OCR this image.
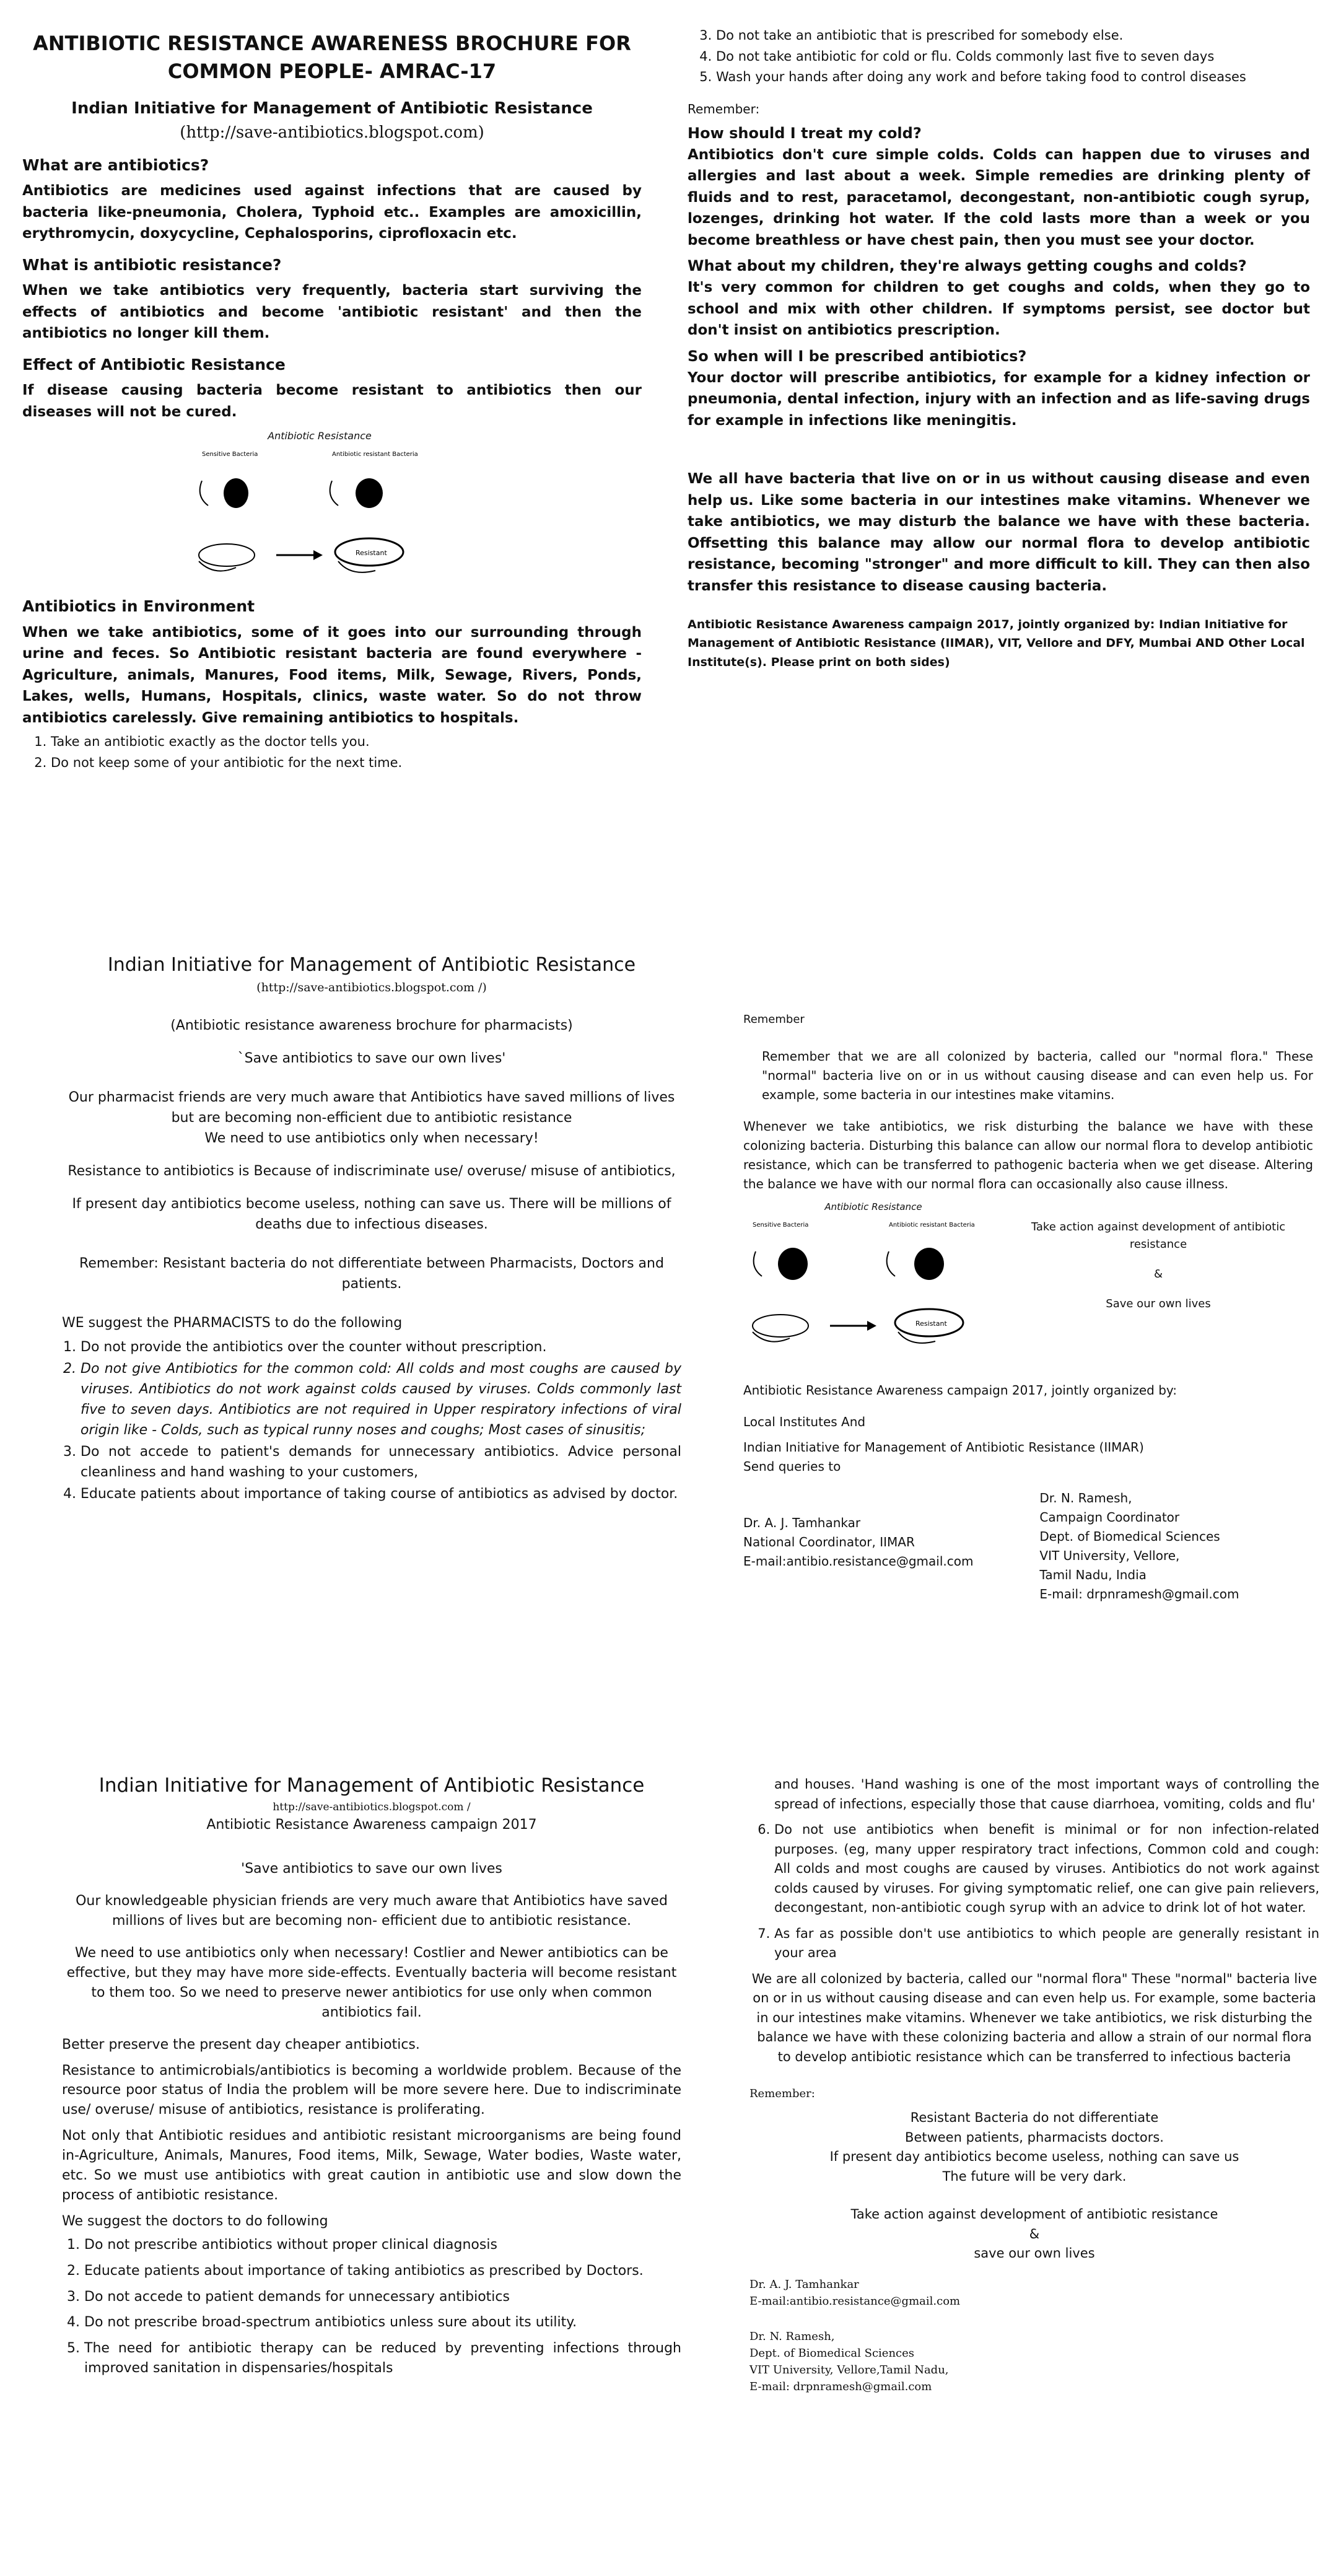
ANTIBIOTIC RESISTANCE AWARENESS BROCHURE FOR COMMON PEOPLE- AMRAC-17
Indian Initiative for Management of Antibiotic Resistance
(http://save-antibiotics.blogspot.com)
What are antibiotics?

Antibiotics are medicines used against infections that are caused by bacteria like-pneumonia, Cholera, Typhoid etc.. Examples are amoxicillin, erythromycin, doxycycline, Cephalosporins, ciprofloxacin etc.

What is antibiotic resistance?

When we take antibiotics very frequently, bacteria start surviving the effects of antibiotics and become 'antibiotic resistant' and then the antibiotics no longer kill them.

Effect of Antibiotic Resistance

If disease causing bacteria become resistant to antibiotics then our diseases will not be cured.

Antibiotic Resistance
Sensitive Bacteria	Antibiotic resistant Bacteria
Resistant
Antibiotics in Environment

When we take antibiotics, some of it goes into our surrounding through urine and feces. So Antibiotic resistant bacteria are found everywhere - Agriculture, animals, Manures, Food items, Milk, Sewage, Rivers, Ponds, Lakes, wells, Humans, Hospitals, clinics, waste water. So do not throw antibiotics carelessly. Give remaining antibiotics to hospitals.

1. Take an antibiotic exactly as the doctor tells you.
2. Do not keep some of your antibiotic for the next time.
3. Do not take an antibiotic that is prescribed for somebody else.
4. Do not take antibiotic for cold or flu. Colds commonly last five to seven days
5. Wash your hands after doing any work and before taking food to control diseases

Remember:

How should I treat my cold?

Antibiotics don't cure simple colds. Colds can happen due to viruses and allergies and last about a week. Simple remedies are drinking plenty of fluids and to rest, paracetamol, decongestant, non-antibiotic cough syrup, lozenges, drinking hot water. If the cold lasts more than a week or you become breathless or have chest pain, then you must see your doctor.

What about my children, they're always getting coughs and colds?

It's very common for children to get coughs and colds, when they go to school and mix with other children. If symptoms persist, see doctor but don't insist on antibiotics prescription.

So when will I be prescribed antibiotics?

Your doctor will prescribe antibiotics, for example for a kidney infection or pneumonia, dental infection, injury with an infection and as life-saving drugs for example in infections like meningitis.

We all have bacteria that live on or in us without causing disease and even help us. Like some bacteria in our intestines make vitamins. Whenever we take antibiotics, we may disturb the balance we have with these bacteria. Offsetting this balance may allow our normal flora to develop antibiotic resistance, becoming "stronger" and more difficult to kill. They can then also transfer this resistance to disease causing bacteria.

Antibiotic Resistance Awareness campaign 2017, jointly organized by: Indian Initiative for Management of Antibiotic Resistance (IIMAR), VIT, Vellore and DFY, Mumbai AND Other Local Institute(s). Please print on both sides)

Indian Initiative for Management of Antibiotic Resistance
(http://save-antibiotics.blogspot.com /)

(Antibiotic resistance awareness brochure for pharmacists)

`Save antibiotics to save our own lives'

Our pharmacist friends are very much aware that Antibiotics have saved millions of lives but are becoming non-efficient due to antibiotic resistance

We need to use antibiotics only when necessary!

Resistance to antibiotics is Because of indiscriminate use/ overuse/ misuse of antibiotics,

If present day antibiotics become useless, nothing can save us. There will be millions of deaths due to infectious diseases.

Remember: Resistant bacteria do not differentiate between Pharmacists, Doctors and patients.

WE suggest the PHARMACISTS to do the following

1. Do not provide the antibiotics over the counter without prescription.
2. Do not give Antibiotics for the common cold: All colds and most coughs are caused by viruses. Antibiotics do not work against colds caused by viruses. Colds commonly last five to seven days. Antibiotics are not required in Upper respiratory infections of viral origin like - Colds, such as typical runny noses and coughs; Most cases of sinusitis;
3. Do not accede to patient's demands for unnecessary antibiotics. Advice personal cleanliness and hand washing to your customers,
4. Educate patients about importance of taking course of antibiotics as advised by doctor.

Remember

Remember that we are all colonized by bacteria, called our "normal flora." These "normal" bacteria live on or in us without causing disease and can even help us. For example, some bacteria in our intestines make vitamins.

Whenever we take antibiotics, we risk disturbing the balance we have with these colonizing bacteria. Disturbing this balance can allow our normal flora to develop antibiotic resistance, which can be transferred to pathogenic bacteria when we get disease. Altering the balance we have with our normal flora can occasionally also cause illness.

Antibiotic Resistance
Sensitive Bacteria	Antibiotic resistant Bacteria
Resistant

Take action against development of antibiotic resistance

&

Save our own lives

Antibiotic Resistance Awareness campaign 2017, jointly organized by:

Local Institutes And

Indian Initiative for Management of Antibiotic Resistance (IIMAR)

Send queries to

Dr. A. J. Tamhankar

National Coordinator, IIMAR

E-mail:antibio.resistance@gmail.com

Dr. N. Ramesh,

Campaign Coordinator

Dept. of Biomedical Sciences

VIT University, Vellore,

Tamil Nadu, India

E-mail: drpnramesh@gmail.com

Indian Initiative for Management of Antibiotic Resistance
http://save-antibiotics.blogspot.com /

Antibiotic Resistance Awareness campaign 2017

'Save antibiotics to save our own lives

Our knowledgeable physician friends are very much aware that Antibiotics have saved millions of lives but are becoming non- efficient due to antibiotic resistance.

We need to use antibiotics only when necessary! Costlier and Newer antibiotics can be effective, but they may have more side-effects. Eventually bacteria will become resistant to them too. So we need to preserve newer antibiotics for use only when common antibiotics fail.

Better preserve the present day cheaper antibiotics.

Resistance to antimicrobials/antibiotics is becoming a worldwide problem. Because of the resource poor status of India the problem will be more severe here. Due to indiscriminate use/ overuse/ misuse of antibiotics, resistance is proliferating.

Not only that Antibiotic residues and antibiotic resistant microorganisms are being found in-Agriculture, Animals, Manures, Food items, Milk, Sewage, Water bodies, Waste water, etc. So we must use antibiotics with great caution in antibiotic use and slow down the process of antibiotic resistance.

We suggest the doctors to do following

1. Do not prescribe antibiotics without proper clinical diagnosis
2. Educate patients about importance of taking antibiotics as prescribed by Doctors.
3. Do not accede to patient demands for unnecessary antibiotics
4. Do not prescribe broad-spectrum antibiotics unless sure about its utility.
5. The need for antibiotic therapy can be reduced by preventing infections through improved sanitation in dispensaries/hospitals

and houses. 'Hand washing is one of the most important ways of controlling the spread of infections, especially those that cause diarrhoea, vomiting, colds and flu'

6. Do not use antibiotics when benefit is minimal or for non infection-related purposes. (eg, many upper respiratory tract infections, Common cold and cough: All colds and most coughs are caused by viruses. Antibiotics do not work against colds caused by viruses. For giving symptomatic relief, one can give pain relievers, decongestant, non-antibiotic cough syrup with an advice to drink lot of hot water.
7. As far as possible don't use antibiotics to which people are generally resistant in your area

We are all colonized by bacteria, called our "normal flora" These "normal" bacteria live on or in us without causing disease and can even help us. For example, some bacteria in our intestines make vitamins. Whenever we take antibiotics, we risk disturbing the balance we have with these colonizing bacteria and allow a strain of our normal flora to develop antibiotic resistance which can be transferred to infectious bacteria

Remember:

Resistant Bacteria do not differentiate

Between patients, pharmacists doctors.

If present day antibiotics become useless, nothing can save us

The future will be very dark.

Take action against development of antibiotic resistance

&

save our own lives

Dr. A. J. Tamhankar

E-mail:antibio.resistance@gmail.com

Dr. N. Ramesh,

Dept. of Biomedical Sciences

VIT University, Vellore,Tamil Nadu,

E-mail: drpnramesh@gmail.com
